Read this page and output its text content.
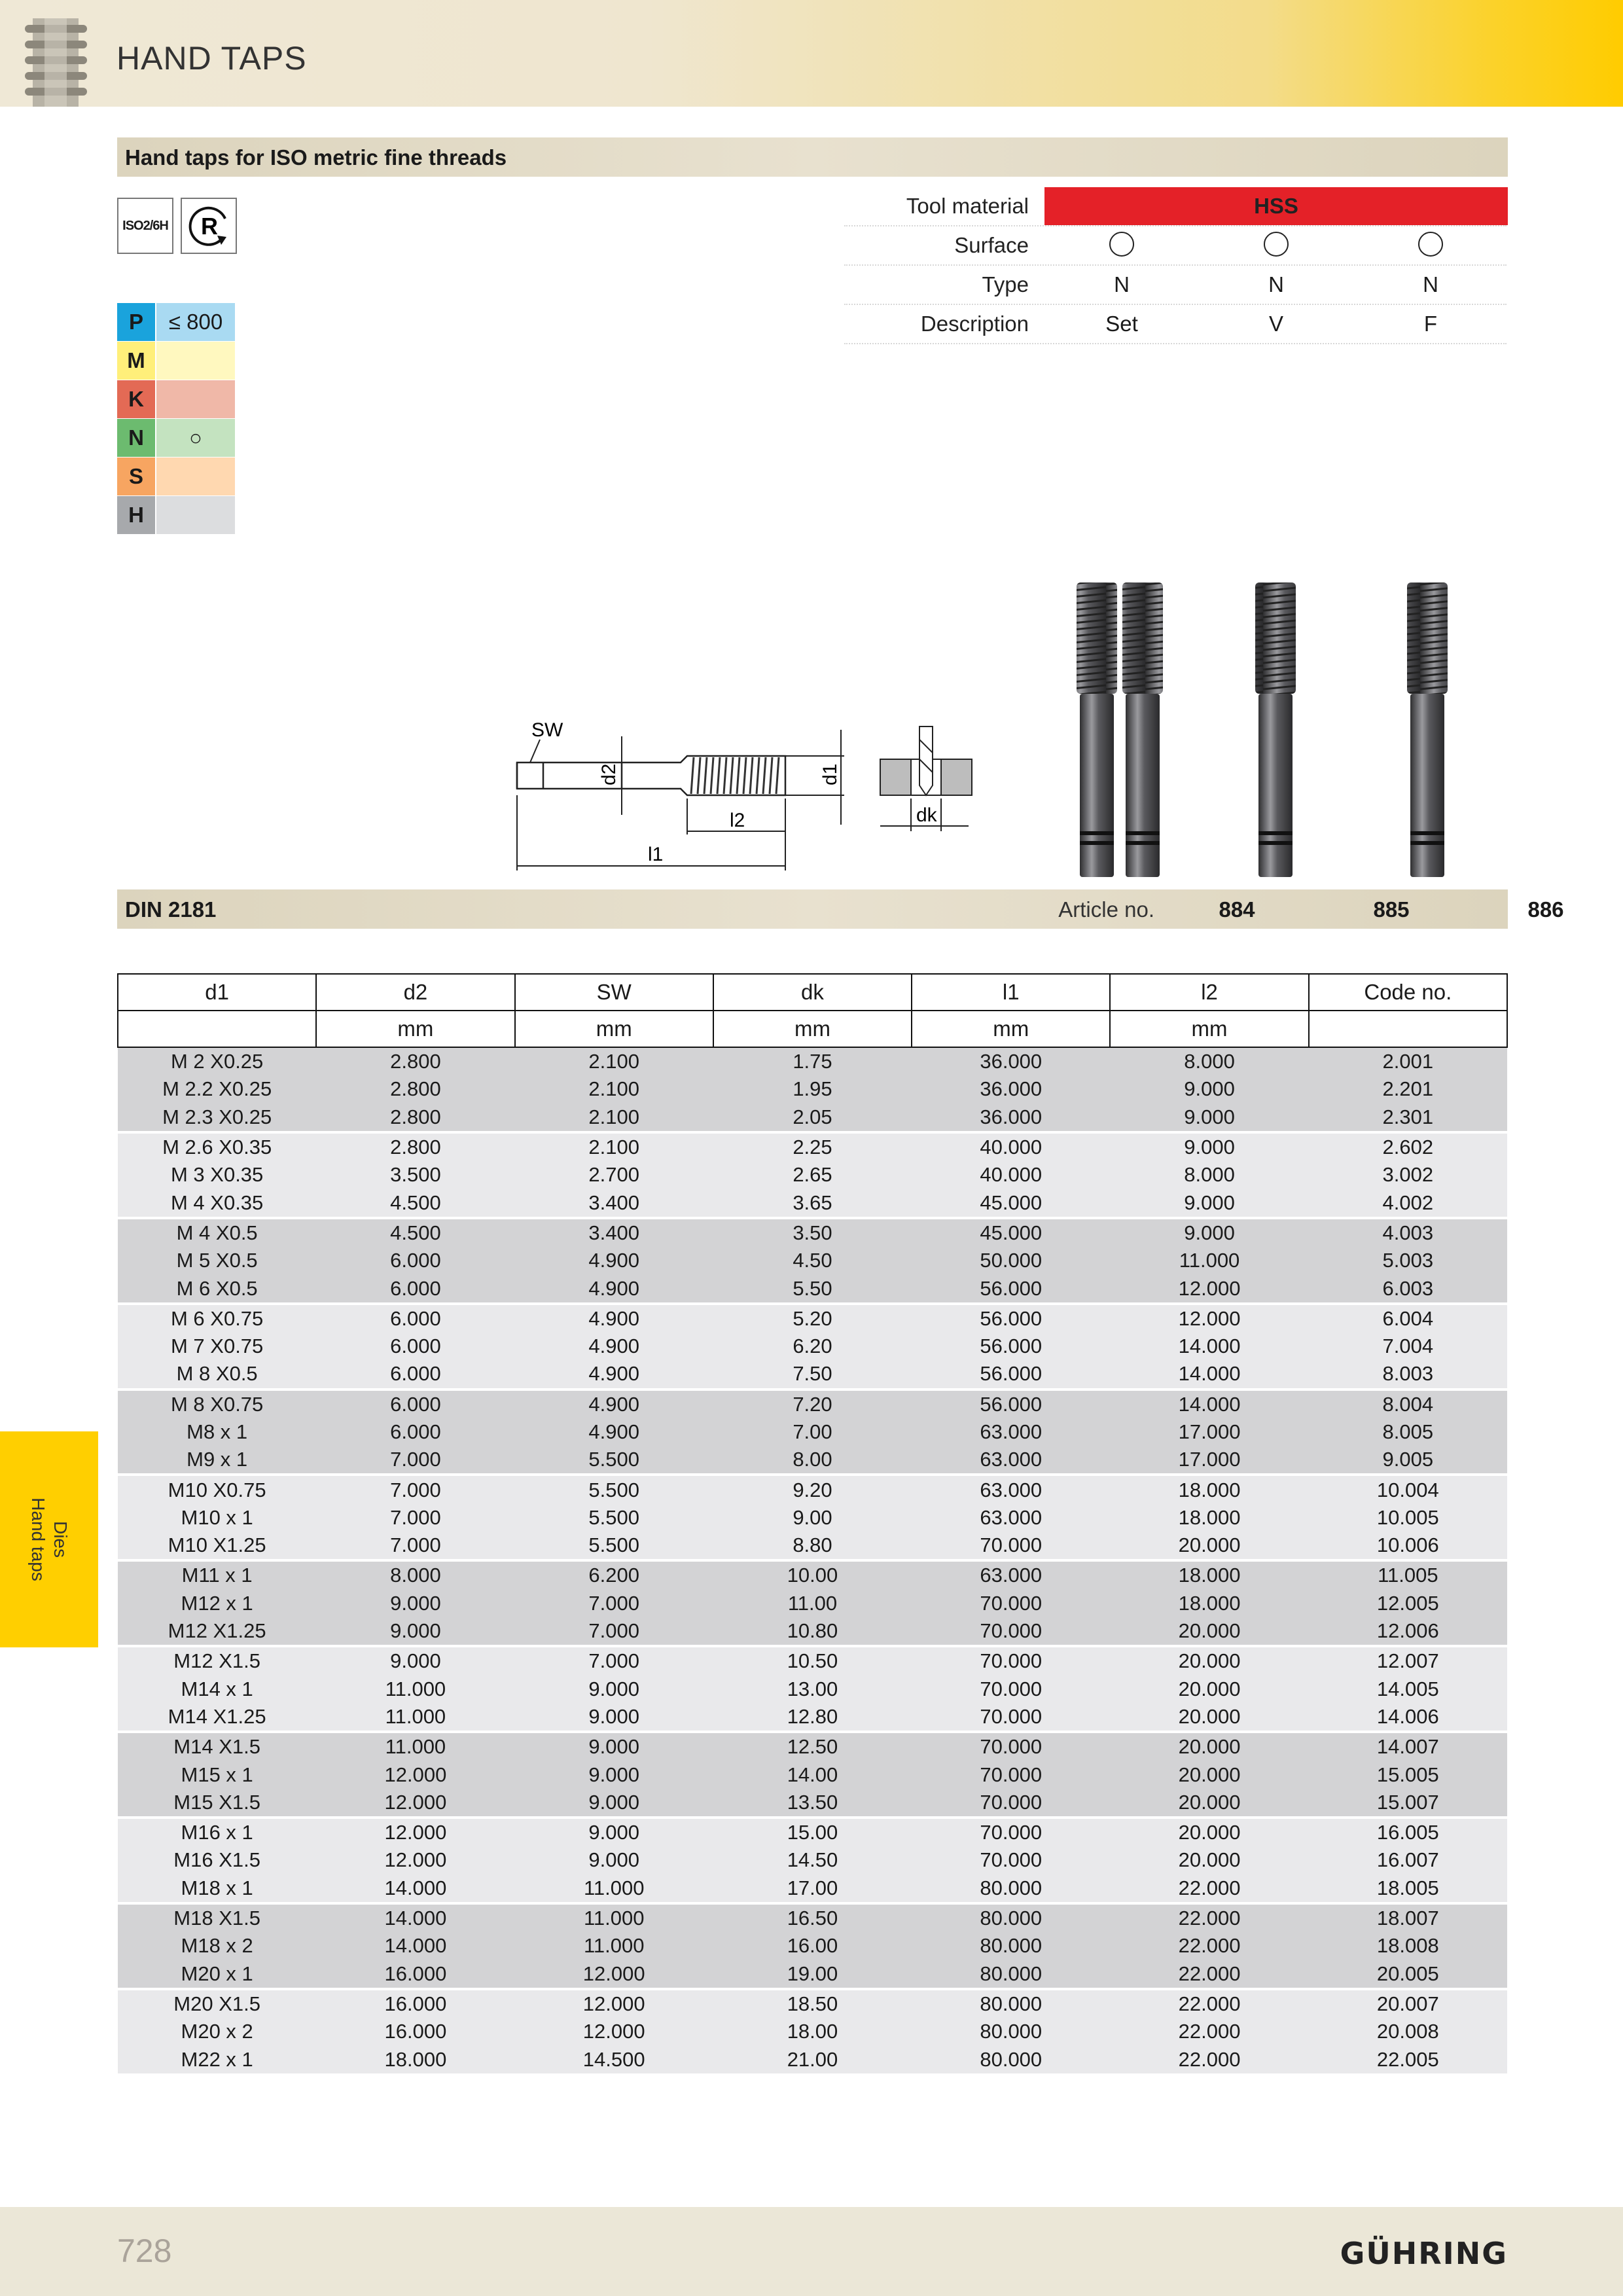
HAND TAPS
Hand taps for ISO metric fine threads
ISO2/6H R
HSS
Tool material
Surface
Type	N	N	N
Description	Set	V	F
P	≤ 800
M
K
N	○
S
H
SW
d2	d1
l2
l1
dk
DIN 2181	Article no.	884	885	886
d1	d2	SW	dk	l1	l2	Code no.
	mm	mm	mm	mm	mm	
M 2 X0.25	2.800	2.100	1.75	36.000	8.000	2.001
M 2.2 X0.25	2.800	2.100	1.95	36.000	9.000	2.201
M 2.3 X0.25	2.800	2.100	2.05	36.000	9.000	2.301
M 2.6 X0.35	2.800	2.100	2.25	40.000	9.000	2.602
M 3 X0.35	3.500	2.700	2.65	40.000	8.000	3.002
M 4 X0.35	4.500	3.400	3.65	45.000	9.000	4.002
M 4 X0.5	4.500	3.400	3.50	45.000	9.000	4.003
M 5 X0.5	6.000	4.900	4.50	50.000	11.000	5.003
M 6 X0.5	6.000	4.900	5.50	56.000	12.000	6.003
M 6 X0.75	6.000	4.900	5.20	56.000	12.000	6.004
M 7 X0.75	6.000	4.900	6.20	56.000	14.000	7.004
M 8 X0.5	6.000	4.900	7.50	56.000	14.000	8.003
M 8 X0.75	6.000	4.900	7.20	56.000	14.000	8.004
M8 x 1	6.000	4.900	7.00	63.000	17.000	8.005
M9 x 1	7.000	5.500	8.00	63.000	17.000	9.005
M10 X0.75	7.000	5.500	9.20	63.000	18.000	10.004
M10 x 1	7.000	5.500	9.00	63.000	18.000	10.005
M10 X1.25	7.000	5.500	8.80	70.000	20.000	10.006
M11 x 1	8.000	6.200	10.00	63.000	18.000	11.005
M12 x 1	9.000	7.000	11.00	70.000	18.000	12.005
M12 X1.25	9.000	7.000	10.80	70.000	20.000	12.006
M12 X1.5	9.000	7.000	10.50	70.000	20.000	12.007
M14 x 1	11.000	9.000	13.00	70.000	20.000	14.005
M14 X1.25	11.000	9.000	12.80	70.000	20.000	14.006
M14 X1.5	11.000	9.000	12.50	70.000	20.000	14.007
M15 x 1	12.000	9.000	14.00	70.000	20.000	15.005
M15 X1.5	12.000	9.000	13.50	70.000	20.000	15.007
M16 x 1	12.000	9.000	15.00	70.000	20.000	16.005
M16 X1.5	12.000	9.000	14.50	70.000	20.000	16.007
M18 x 1	14.000	11.000	17.00	80.000	22.000	18.005
M18 X1.5	14.000	11.000	16.50	80.000	22.000	18.007
M18 x 2	14.000	11.000	16.00	80.000	22.000	18.008
M20 x 1	16.000	12.000	19.00	80.000	22.000	20.005
M20 X1.5	16.000	12.000	18.50	80.000	22.000	20.007
M20 x 2	16.000	12.000	18.00	80.000	22.000	20.008
M22 x 1	18.000	14.500	21.00	80.000	22.000	22.005
Dies
Hand taps
728	GÜHRING
